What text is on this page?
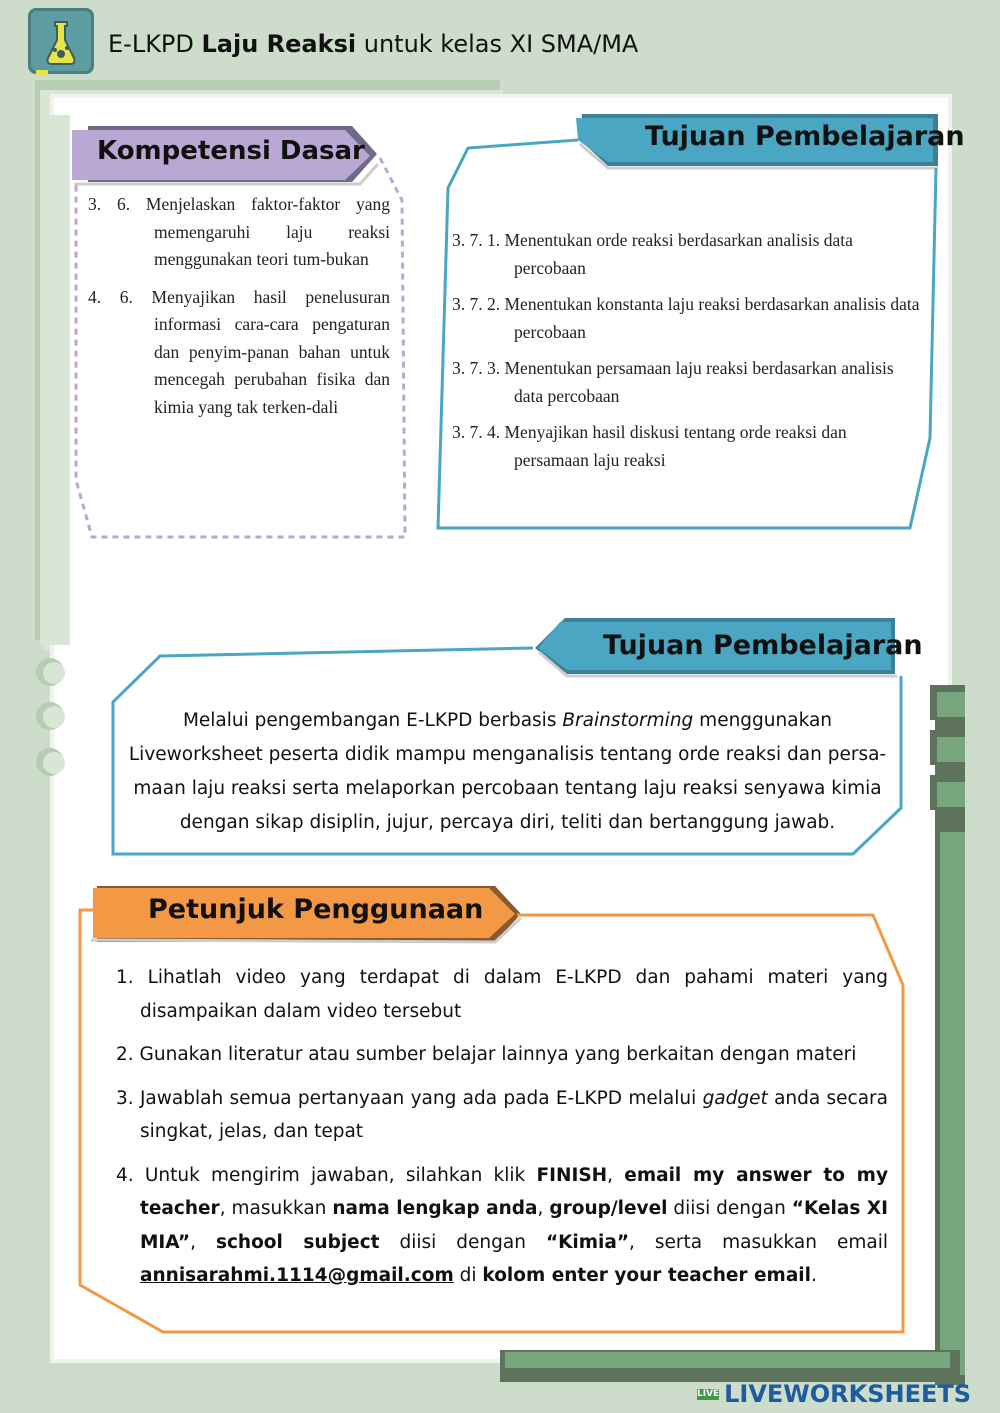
E-LKPD Laju Reaksi untuk kelas XI SMA/MA
Kompetensi Dasar

3. 6. Menjelaskan faktor-faktor yang memengaruhi laju reaksi menggunakan teori tum-bukan

4. 6. Menyajikan hasil penelusuran informasi cara-cara pengaturan dan penyim-panan bahan untuk mencegah perubahan fisika dan kimia yang tak terken-dali

Tujuan Pembelajaran

3. 7. 1. Menentukan orde reaksi berdasarkan analisis data percobaan

3. 7. 2. Menentukan konstanta laju reaksi berdasarkan analisis data percobaan

3. 7. 3. Menentukan persamaan laju reaksi berdasarkan analisis data percobaan

3. 7. 4. Menyajikan hasil diskusi tentang orde reaksi dan persamaan laju reaksi

Tujuan Pembelajaran
Melalui pengembangan E-LKPD berbasis Brainstorming menggunakan Liveworksheet peserta didik mampu menganalisis tentang orde reaksi dan persa-maan laju reaksi serta melaporkan percobaan tentang laju reaksi senyawa kimia dengan sikap disiplin, jujur, percaya diri, teliti dan bertanggung jawab.
Petunjuk Penggunaan

1. Lihatlah video yang terdapat di dalam E-LKPD dan pahami materi yang disampaikan dalam video tersebut

2. Gunakan literatur atau sumber belajar lainnya yang berkaitan dengan materi

3. Jawablah semua pertanyaan yang ada pada E-LKPD melalui gadget anda secara singkat, jelas, dan tepat

4. Untuk mengirim jawaban, silahkan klik FINISH, email my answer to my teacher, masukkan nama lengkap anda, group/level diisi dengan “Kelas XI MIA”, school subject diisi dengan “Kimia”, serta masukkan email annisarahmi.1114@gmail.com di kolom enter your teacher email.

LIVE LIVEWORKSHEETS
